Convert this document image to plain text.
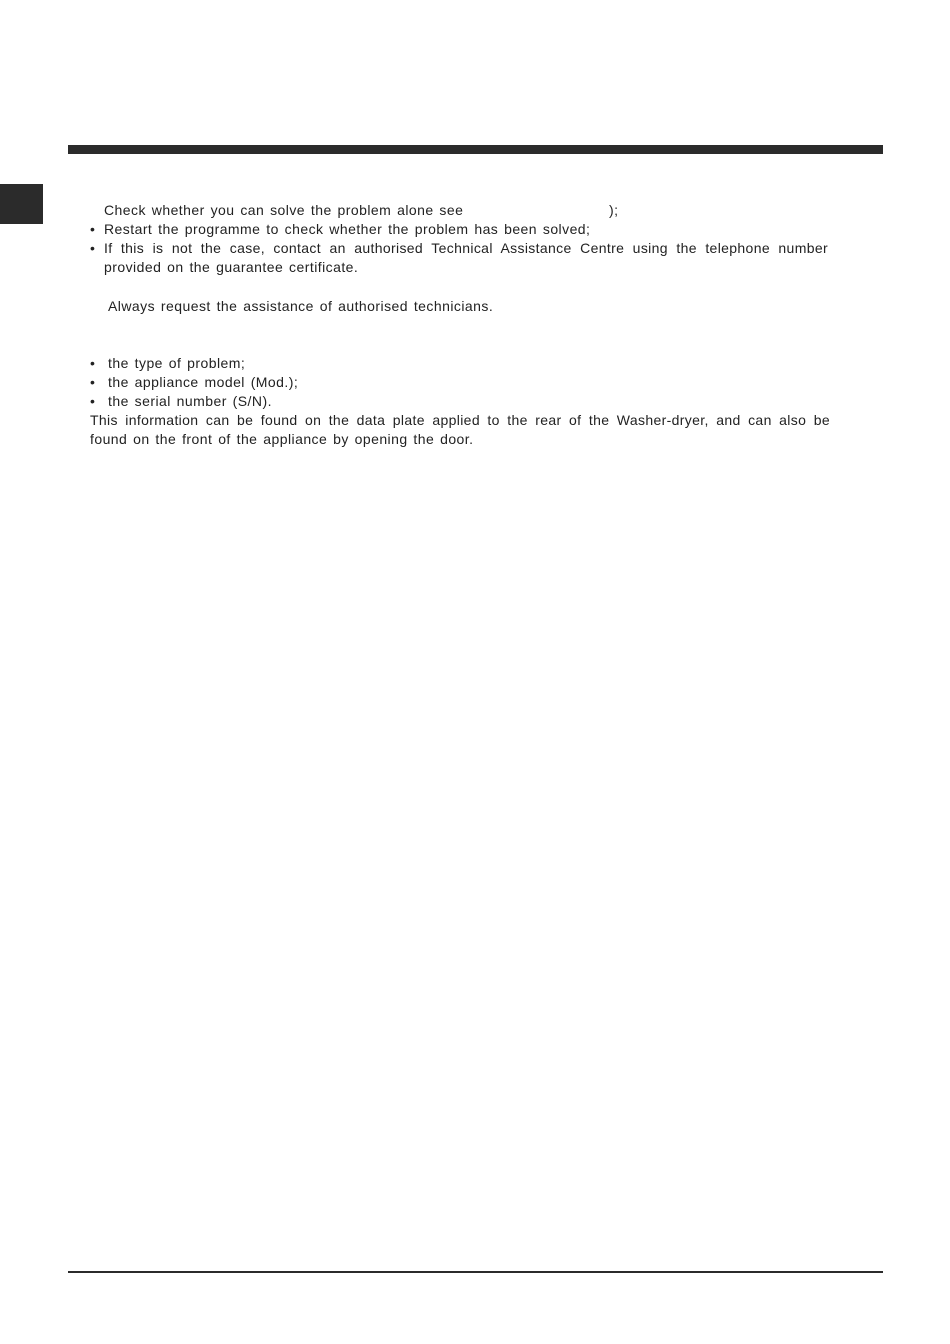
Check whether you can solve the problem alone see	);
• Restart the programme to check whether the problem has been solved;
• If this is not the case, contact an authorised Technical Assistance Centre using the telephone number
provided on the guarantee certificate.
Always request the assistance of authorised technicians.
• the type of problem;
• the appliance model (Mod.);
• the serial number (S/N).
This information can be found on the data plate applied to the rear of the Washer-dryer, and can also be
found on the front of the appliance by opening the door.
